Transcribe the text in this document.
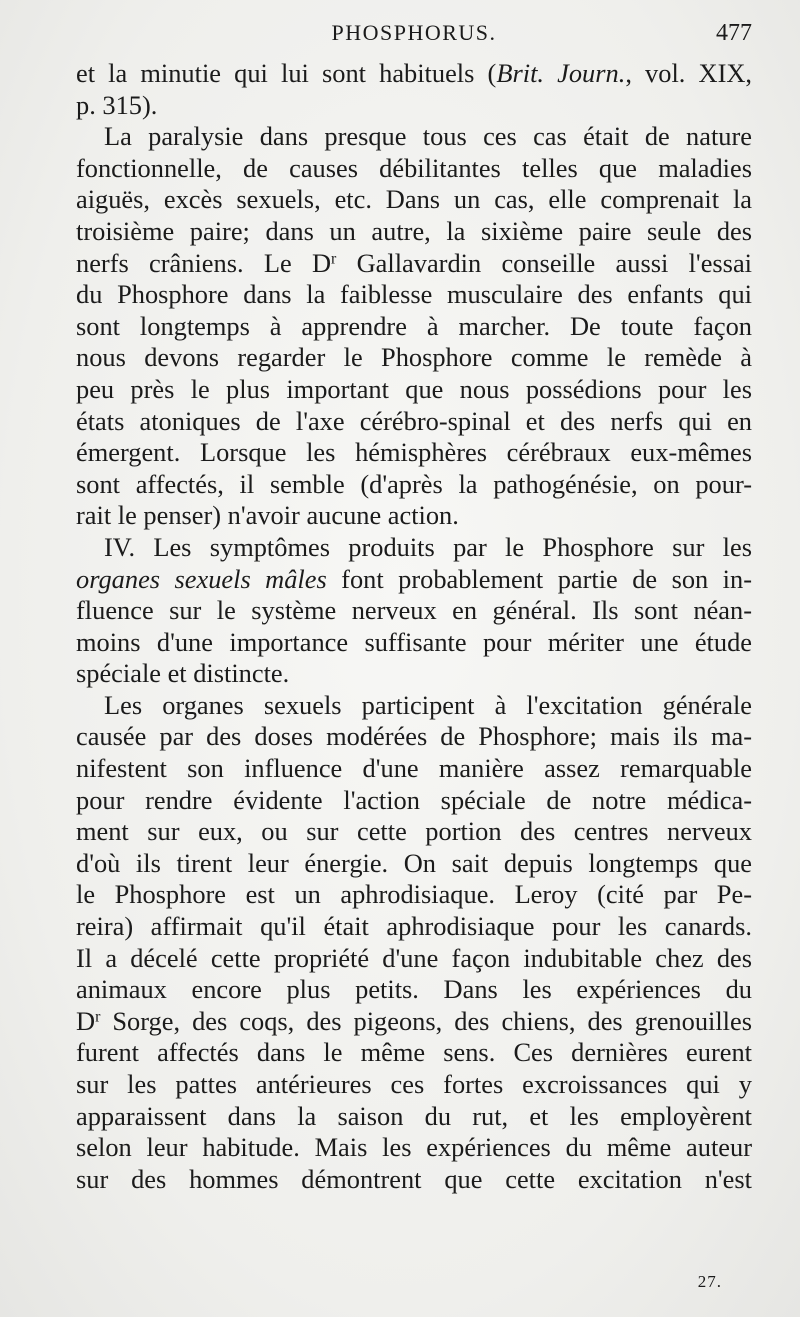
PHOSPHORUS.	477
et la minutie qui lui sont habituels (Brit. Journ., vol. XIX,
p. 315).
La paralysie dans presque tous ces cas était de nature
fonctionnelle, de causes débilitantes telles que maladies
aiguës, excès sexuels, etc. Dans un cas, elle comprenait la
troisième paire; dans un autre, la sixième paire seule des
nerfs crâniens. Le $D^r$ Gallavardin conseille aussi l'essai
du Phosphore dans la faiblesse musculaire des enfants qui
sont longtemps à apprendre à marcher. De toute façon
nous devons regarder le Phosphore comme le remède à
peu près le plus important que nous possédions pour les
états atoniques de l'axe cérébro-spinal et des nerfs qui en
émergent. Lorsque les hémisphères cérébraux eux-mêmes
sont affectés, il semble (d'après la pathogénésie, on pour-
rait le penser) n'avoir aucune action.
IV. Les symptômes produits par le Phosphore sur les
organes sexuels mâles font probablement partie de son in-
fluence sur le système nerveux en général. Ils sont néan-
moins d'une importance suffisante pour mériter une étude
spéciale et distincte.
Les organes sexuels participent à l'excitation générale
causée par des doses modérées de Phosphore; mais ils ma-
nifestent son influence d'une manière assez remarquable
pour rendre évidente l'action spéciale de notre médica-
ment sur eux, ou sur cette portion des centres nerveux
d'où ils tirent leur énergie. On sait depuis longtemps que
le Phosphore est un aphrodisiaque. Leroy (cité par Pe-
reira) affirmait qu'il était aphrodisiaque pour les canards.
Il a décelé cette propriété d'une façon indubitable chez des
animaux encore plus petits. Dans les expériences du
$D^r$ Sorge, des coqs, des pigeons, des chiens, des grenouilles
furent affectés dans le même sens. Ces dernières eurent
sur les pattes antérieures ces fortes excroissances qui y
apparaissent dans la saison du rut, et les employèrent
selon leur habitude. Mais les expériences du même auteur
sur des hommes démontrent que cette excitation n'est
27.
